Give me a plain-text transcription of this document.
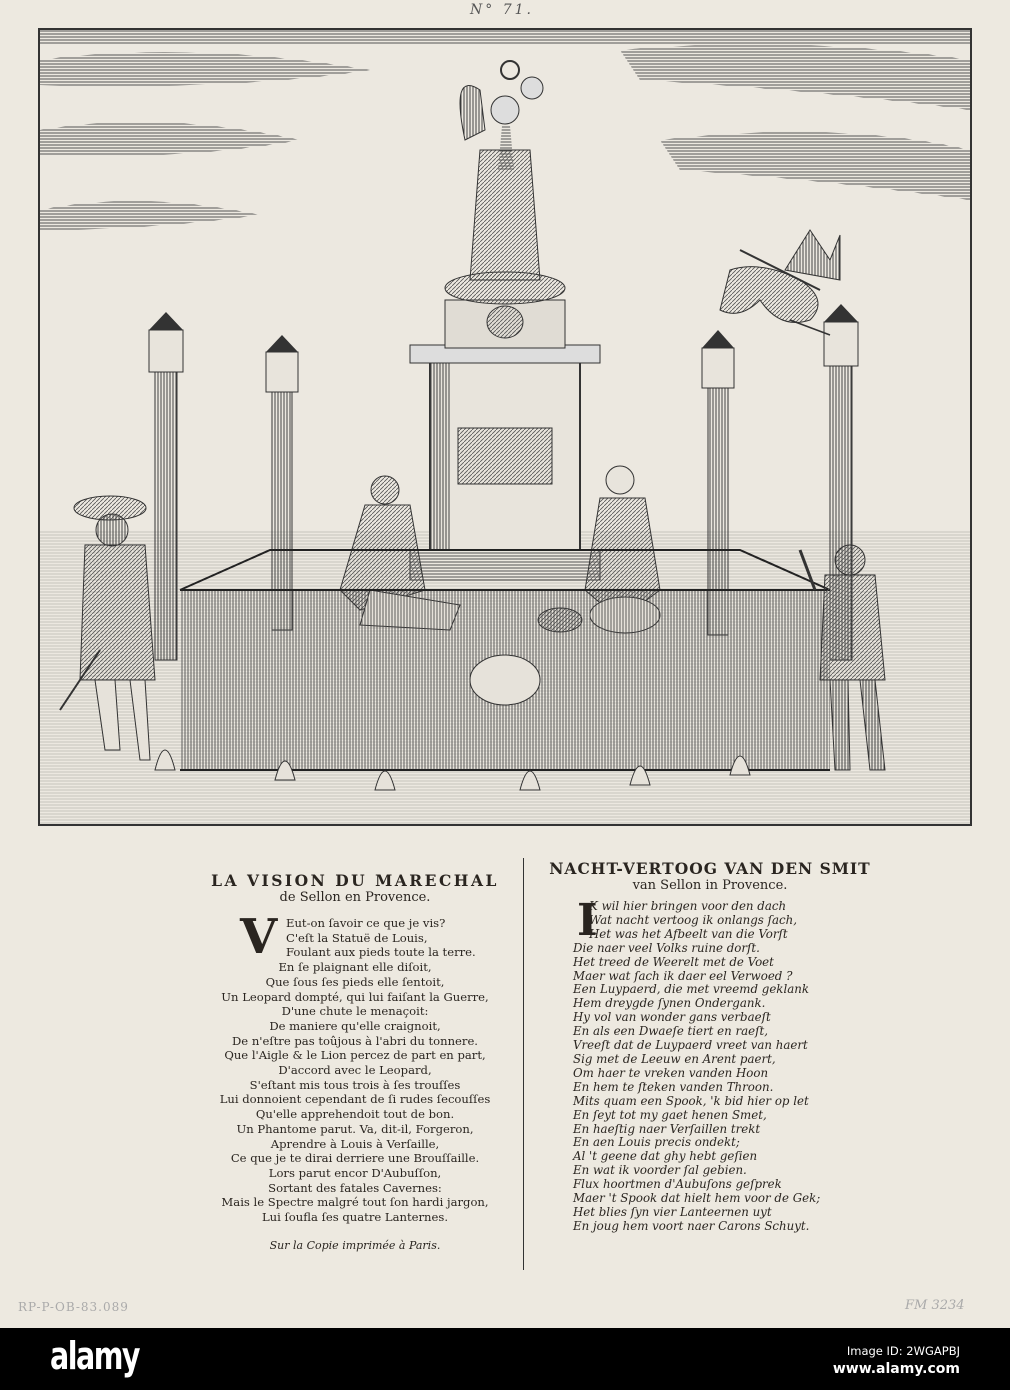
N° 71.

LA VISION DU MARECHAL

de Sellon en Provence.

V Eut-on ſavoir ce que je vis?
C'eſt la Statuë de Louis,
Foulant aux pieds toute la terre.
En ſe plaignant elle diſoit,
Que ſous ſes pieds elle ſentoit,
Un Leopard dompté, qui lui faiſant la Guerre,
D'une chute le menaçoit:
De maniere qu'elle craignoit,
De n'eſtre pas toûjous à l'abri du tonnere.
Que l'Aigle & le Lion percez de part en part,
D'accord avec le Leopard,
S'eſtant mis tous trois à ſes trouſſes
Lui donnoient cependant de ſi rudes ſecouſſes
Qu'elle apprehendoit tout de bon.
Un Phantome parut. Va, dit-il, Forgeron,
Aprendre à Louis à Verſaille,
Ce que je te dirai derriere une Brouſſaille.
Lors parut encor D'Aubuſſon,
Sortant des fatales Cavernes:
Mais le Spectre malgré tout ſon hardi jargon,
Lui ſoufla ſes quatre Lanternes.
Sur la Copie imprimée à Paris.

NACHT-VERTOOG VAN DEN SMIT

van Sellon in Provence.

I
K wil hier bringen voor den dach
Wat nacht vertoog ik onlangs ſach,
Het was het Afbeelt van die Vorſt
Die naer veel Volks ruine dorſt.
Het treed de Weerelt met de Voet
Maer wat ſach ik daer eel Verwoed ?
Een Luypaerd, die met vreemd geklank
Hem dreygde ſynen Ondergank.
Hy vol van wonder gans verbaeſt
En als een Dwaeſe tiert en raeſt,
Vreeſt dat de Luypaerd vreet van haert
Sig met de Leeuw en Arent paert,
Om haer te vreken vanden Hoon
En hem te ſteken vanden Throon.
Mits quam een Spook, 'k bid hier op let
En ſeyt tot my gaet henen Smet,
En haeſtig naer Verſaillen trekt
En aen Louis precis ondekt;
Al 't geene dat ghy hebt geſien
En wat ik voorder ſal gebien.
Flux hoortmen d'Aubuſons geſprek
Maer 't Spook dat hielt hem voor de Gek;
Het blies ſyn vier Lanteernen uyt
En joug hem voort naer Carons Schuyt.
RP-P-OB-83.089	FM 3234
alamy	Image ID: 2WGAPBJ
www.alamy.com
